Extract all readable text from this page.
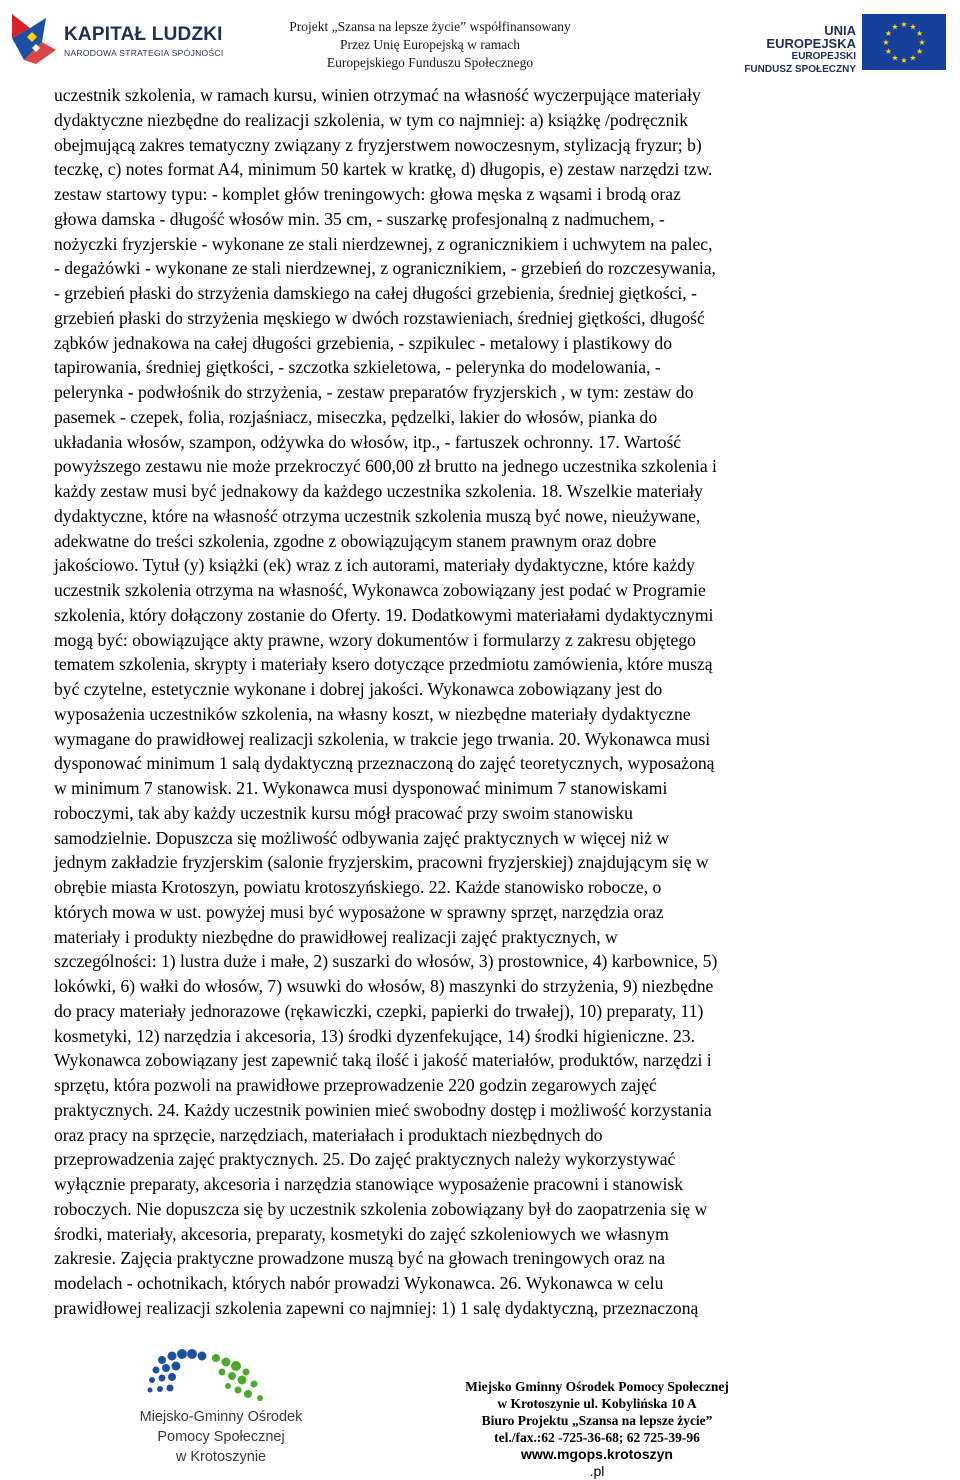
KAPITAŁ LUDZKI
NARODOWA STRATEGIA SPÓJNOŚCI
Projekt „Szansa na lepsze życie” współfinansowany
Przez Unię Europejską w ramach
Europejskiego Funduszu Społecznego
UNIA EUROPEJSKA
EUROPEJSKI
FUNDUSZ SPOŁECZNY
★ ★
★
★
★
★
★
★
★
★
★
★
uczestnik szkolenia, w ramach kursu, winien otrzymać na własność wyczerpujące materiały
dydaktyczne niezbędne do realizacji szkolenia, w tym co najmniej: a) książkę /podręcznik
obejmującą zakres tematyczny związany z fryzjerstwem nowoczesnym, stylizacją fryzur; b)
teczkę, c) notes format A4, minimum 50 kartek w kratkę, d) długopis, e) zestaw narzędzi tzw.
zestaw startowy typu: - komplet głów treningowych: głowa męska z wąsami i brodą oraz
głowa damska - długość włosów min. 35 cm, - suszarkę profesjonalną z nadmuchem, -
nożyczki fryzjerskie - wykonane ze stali nierdzewnej, z ogranicznikiem i uchwytem na palec,
- degażówki - wykonane ze stali nierdzewnej, z ogranicznikiem, - grzebień do rozczesywania,
- grzebień płaski do strzyżenia damskiego na całej długości grzebienia, średniej giętkości, -
grzebień płaski do strzyżenia męskiego w dwóch rozstawieniach, średniej giętkości, długość
ząbków jednakowa na całej długości grzebienia, - szpikulec - metalowy i plastikowy do
tapirowania, średniej giętkości, - szczotka szkieletowa, - pelerynka do modelowania, -
pelerynka - podwłośnik do strzyżenia, - zestaw preparatów fryzjerskich , w tym: zestaw do
pasemek - czepek, folia, rozjaśniacz, miseczka, pędzelki, lakier do włosów, pianka do
układania włosów, szampon, odżywka do włosów, itp., - fartuszek ochronny. 17. Wartość
powyższego zestawu nie może przekroczyć 600,00 zł brutto na jednego uczestnika szkolenia i
każdy zestaw musi być jednakowy da każdego uczestnika szkolenia. 18. Wszelkie materiały
dydaktyczne, które na własność otrzyma uczestnik szkolenia muszą być nowe, nieużywane,
adekwatne do treści szkolenia, zgodne z obowiązującym stanem prawnym oraz dobre
jakościowo. Tytuł (y) książki (ek) wraz z ich autorami, materiały dydaktyczne, które każdy
uczestnik szkolenia otrzyma na własność, Wykonawca zobowiązany jest podać w Programie
szkolenia, który dołączony zostanie do Oferty. 19. Dodatkowymi materiałami dydaktycznymi
mogą być: obowiązujące akty prawne, wzory dokumentów i formularzy z zakresu objętego
tematem szkolenia, skrypty i materiały ksero dotyczące przedmiotu zamówienia, które muszą
być czytelne, estetycznie wykonane i dobrej jakości. Wykonawca zobowiązany jest do
wyposażenia uczestników szkolenia, na własny koszt, w niezbędne materiały dydaktyczne
wymagane do prawidłowej realizacji szkolenia, w trakcie jego trwania. 20. Wykonawca musi
dysponować minimum 1 salą dydaktyczną przeznaczoną do zajęć teoretycznych, wyposażoną
w minimum 7 stanowisk. 21. Wykonawca musi dysponować minimum 7 stanowiskami
roboczymi, tak aby każdy uczestnik kursu mógł pracować przy swoim stanowisku
samodzielnie. Dopuszcza się możliwość odbywania zajęć praktycznych w więcej niż w
jednym zakładzie fryzjerskim (salonie fryzjerskim, pracowni fryzjerskiej) znajdującym się w
obrębie miasta Krotoszyn, powiatu krotoszyńskiego. 22. Każde stanowisko robocze, o
których mowa w ust. powyżej musi być wyposażone w sprawny sprzęt, narzędzia oraz
materiały i produkty niezbędne do prawidłowej realizacji zajęć praktycznych, w
szczególności: 1) lustra duże i małe, 2) suszarki do włosów, 3) prostownice, 4) karbownice, 5)
lokówki, 6) wałki do włosów, 7) wsuwki do włosów, 8) maszynki do strzyżenia, 9) niezbędne
do pracy materiały jednorazowe (rękawiczki, czepki, papierki do trwałej), 10) preparaty, 11)
kosmetyki, 12) narzędzia i akcesoria, 13) środki dyzenfekujące, 14) środki higieniczne. 23.
Wykonawca zobowiązany jest zapewnić taką ilość i jakość materiałów, produktów, narzędzi i
sprzętu, która pozwoli na prawidłowe przeprowadzenie 220 godzin zegarowych zajęć
praktycznych. 24. Każdy uczestnik powinien mieć swobodny dostęp i możliwość korzystania
oraz pracy na sprzęcie, narzędziach, materiałach i produktach niezbędnych do
przeprowadzenia zajęć praktycznych. 25. Do zajęć praktycznych należy wykorzystywać
wyłącznie preparaty, akcesoria i narzędzia stanowiące wyposażenie pracowni i stanowisk
roboczych. Nie dopuszcza się by uczestnik szkolenia zobowiązany był do zaopatrzenia się w
środki, materiały, akcesoria, preparaty, kosmetyki do zajęć szkoleniowych we własnym
zakresie. Zajęcia praktyczne prowadzone muszą być na głowach treningowych oraz na
modelach - ochotnikach, których nabór prowadzi Wykonawca. 26. Wykonawca w celu
prawidłowej realizacji szkolenia zapewni co najmniej: 1) 1 salę dydaktyczną, przeznaczoną
Miejsko-Gminny Ośrodek
Pomocy Społecznej
w Krotoszynie
Miejsko Gminny Ośrodek Pomocy Społecznej
w Krotoszynie ul. Kobylińska 10 A
Biuro Projektu „Szansa na lepsze życie”
tel./fax.:62 -725-36-68; 62 725-39-96
www.mgops.krotoszyn
.pl
